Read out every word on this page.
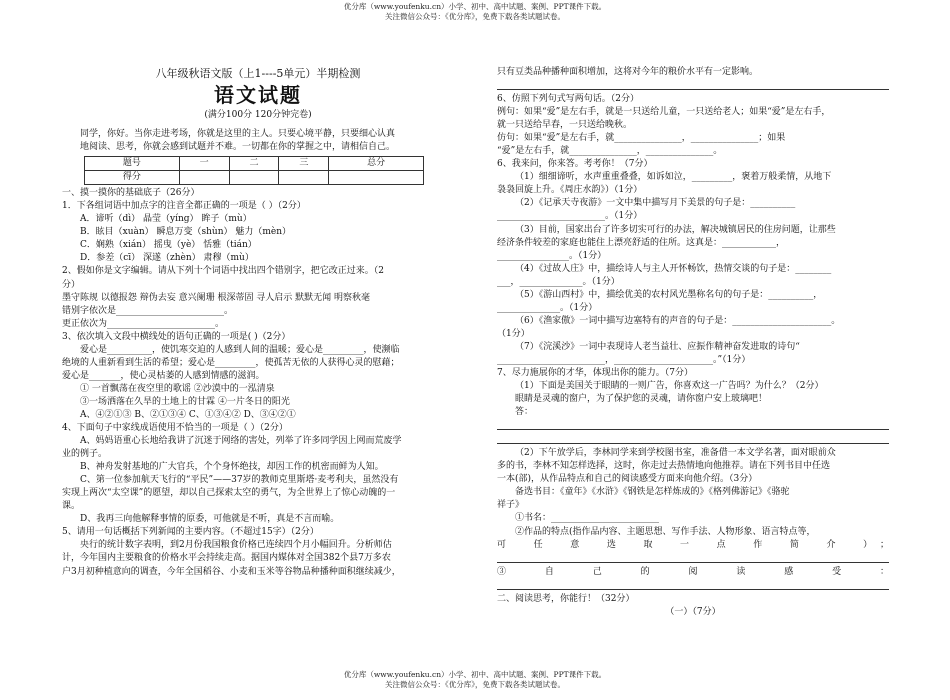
优分库（www.youfenku.cn）小学、初中、高中试题、案例、PPT课件下载。
关注微信公众号：《优分库》，免费下载各类试题试卷。

八年级秋语文版（上1----5单元）半期检测

语文试题

(满分100分 120分钟完卷)

同学，你好。当你走进考场，你就是这里的主人。只要心境平静，只要细心认真

地阅读、思考，你就会感到试题并不难。一切都在你的掌握之中，请相信自己。

题号	一	二	三	总分
得分				

一、摸一摸你的基础底子（26分）

1．下各组词语中加点字的注音全都正确的一项是（ ）（2分）

A．谛听（dì） 晶莹（yíng） 眸子（mù）

B．眩目（xuàn） 瞬息万变（shùn） 魅力（mèn）

C．娴熟（xián） 摇曳（yè） 恬雅（tián）

D．参差（cī） 深遂（zhèn） 肃穆（mù）

2、假如你是文字编辑。请从下列十个词语中找出四个错别字，把它改正过来。（2

分）

墨守陈规 以德报怨 辩伪去妄 意兴阑珊 根深蒂固 寻人启示 默默无闻 明察秋毫

错别字依次是________________________。

更正依次为________________________。

3、依次填入文段中横线处的语句正确的一项是( )（2分）

爱心是__________，使饥寒交迫的人感到人间的温暖；爱心是_________，使濒临

绝境的人重新看到生活的希望；爱心是_________，使孤苦无依的人获得心灵的慰藉；

爱心是_______，使心灵枯萎的人感到情感的滋润。

① 一首飘荡在夜空里的歌谣 ②沙漠中的一泓清泉

③一场洒落在久旱的土地上的甘霖 ④一片冬日的阳光

A、④②①③ B、②①③④ C、①③④② D、③④②①

4、下面句子中家线成语使用不恰当的一项是（ ）（2分）

A、妈妈语重心长地给我讲了沉迷于网络的害处，列举了许多同学因上网而荒废学

业的例子。

B、神舟发射基地的广大官兵，个个身怀绝技，却因工作的机密而鲜为人知。

C、第一位参加航天飞行的“平民”——37岁的教师克里斯塔·麦考利夫，虽然没有

实现上两次“太空课”的愿望，却以自己探索太空的勇气，为全世界上了惊心动魄的一

课。

D、我再三向他解释事情的原委，可他就是不听，真是不言而喻。

5、请用一句话概括下列新闻的主要内容。（不超过15字）（2分）

央行的统计数字表明，到2月份我国粮食价格已连续四个月小幅回升。分析师估

计，今年国内主要粮食的价格水平会持续走高。据国内媒体对全国382个县7万多农

户3月初种植意向的调查，今年全国稻谷、小麦和玉米等谷物品种播种面积继续减少，

只有豆类品种播种面积增加，这将对今年的粮价水平有一定影响。

6、仿照下列句式写两句话。（2分）

例句：如果“爱”是左右手，就是一只送给儿童，一只送给老人；如果“爱”是左右手，

就一只送给早春，一只送给晚秋。

仿句：如果“爱”是左右手，就_______________，_______________；如果

“爱”是左右手，就_______________，_______________。

6、我来问，你来答。考考你！（7分）

（1）细细谛听，水声重重叠叠，如诉如泣，_________，褒着万般柔情，从地下

袅袅回旋上升。《周庄水韵》）（1分）

（2）《记承天寺夜游》一文中集中描写月下美景的句子是：__________

________________________。（1分）

（3）目前，国家出台了许多切实可行的办法，解决城镇居民的住房问题，让那些

经济条件较差的家庭也能住上漂亮舒适的住所。这真是：____________，

________________。（1分）

（4）《过故人庄》中，描绘诗人与主人开怀畅饮，热情交谈的句子是：________

___，______________。（1分）

（5）《游山西村》中，描绘优美的农村风光墨称名句的句子是：__________，

______________。（1分）

（6）《渔家傲》一词中描写边塞特有的声音的句子是：______________________。

（1分）

（7）《浣溪沙》一词中表现诗人老当益壮、应振作精神奋发进取的诗句“

________________________，______________________。”（1分）

7、尽力施展你的才华，体现出你的能力。（7分）

（1）下面是美国关于眼睛的一则广告，你喜欢这一广告吗？为什么？（2分）

眼睛是灵魂的窗户，为了保护您的灵魂，请你窗户安上玻璃吧！

答：

（2）下午放学后，李林同学来到学校图书室，准备借一本文学名著，面对眼前众

多的书，李林不知怎样选择，这时，你走过去热情地向他推荐。请在下列书目中任选

一本(部)，从作品特点和自己的阅读感受方面来向他介绍。（3分）

备选书目：《童年》《水浒》《钢铁是怎样炼成的》《格列佛游记》《骆驼

祥子》

①书名：________________________

②作品的特点(指作品内容、主题思想、写作手法、人物形象、语言特点等，

可 任 意 选 取 一 点 作 简 介 ）；

③ 自 己 的 阅 读 感 受 ：

二、阅读思考，你能行！（32分）

（一）（7分）

优分库（www.youfenku.cn）小学、初中、高中试题、案例、PPT课件下载。
关注微信公众号：《优分库》，免费下载各类试题试卷。
